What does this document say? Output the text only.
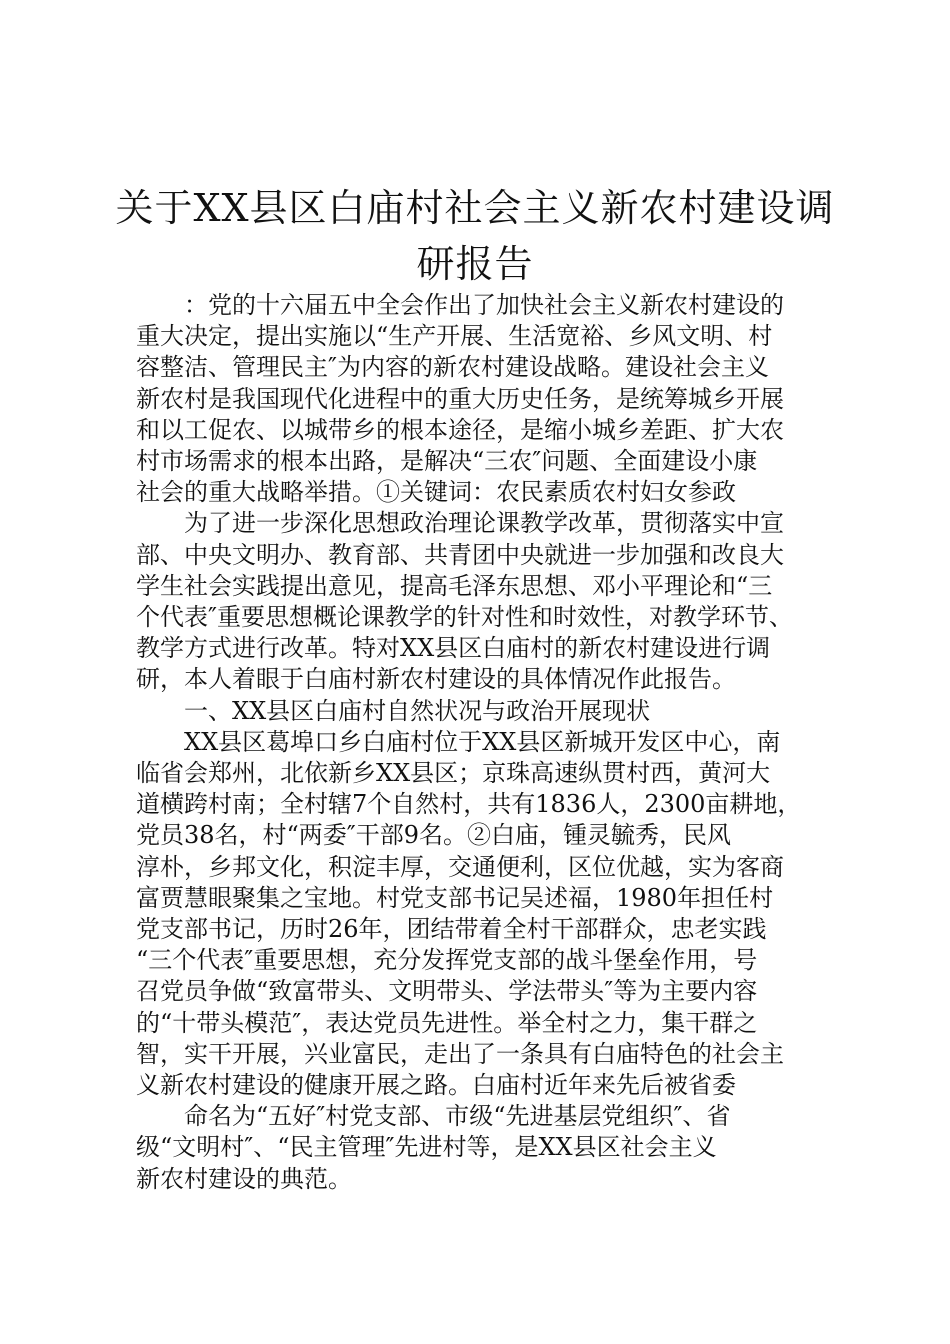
关于XX县区白庙村社会主义新农村建设调
研报告
　　：党的十六届五中全会作出了加快社会主义新农村建设的
重大决定，提出实施以“生产开展、生活宽裕、乡风文明、村
容整洁、管理民主″为内容的新农村建设战略。建设社会主义
新农村是我国现代化进程中的重大历史任务，是统筹城乡开展
和以工促农、以城带乡的根本途径，是缩小城乡差距、扩大农
村市场需求的根本出路，是解决“三农″问题、全面建设小康
社会的重大战略举措。①关键词：农民素质农村妇女参政
　　为了进一步深化思想政治理论课教学改革，贯彻落实中宣
部、中央文明办、教育部、共青团中央就进一步加强和改良大
学生社会实践提出意见，提高毛泽东思想、邓小平理论和“三
个代表″重要思想概论课教学的针对性和时效性，对教学环节、
教学方式进行改革。特对XX县区白庙村的新农村建设进行调
研，本人着眼于白庙村新农村建设的具体情况作此报告。
　　一、XX县区白庙村自然状况与政治开展现状
　　XX县区葛埠口乡白庙村位于XX县区新城开发区中心，南
临省会郑州，北依新乡XX县区；京珠高速纵贯村西，黄河大
道横跨村南；全村辖7个自然村，共有1836人，2300亩耕地，
党员38名，村“两委″干部9名。②白庙，锺灵毓秀，民风
淳朴，乡邦文化，积淀丰厚，交通便利，区位优越，实为客商
富贾慧眼聚集之宝地。村党支部书记吴述福，1980年担任村
党支部书记，历时26年，团结带着全村干部群众，忠老实践
“三个代表″重要思想，充分发挥党支部的战斗堡垒作用，号
召党员争做“致富带头、文明带头、学法带头″等为主要内容
的“十带头模范″，表达党员先进性。举全村之力，集干群之
智，实干开展，兴业富民，走出了一条具有白庙特色的社会主
义新农村建设的健康开展之路。白庙村近年来先后被省委
　　命名为“五好″村党支部、市级“先进基层党组织″、省
级“文明村″、“民主管理″先进村等，是XX县区社会主义
新农村建设的典范。
